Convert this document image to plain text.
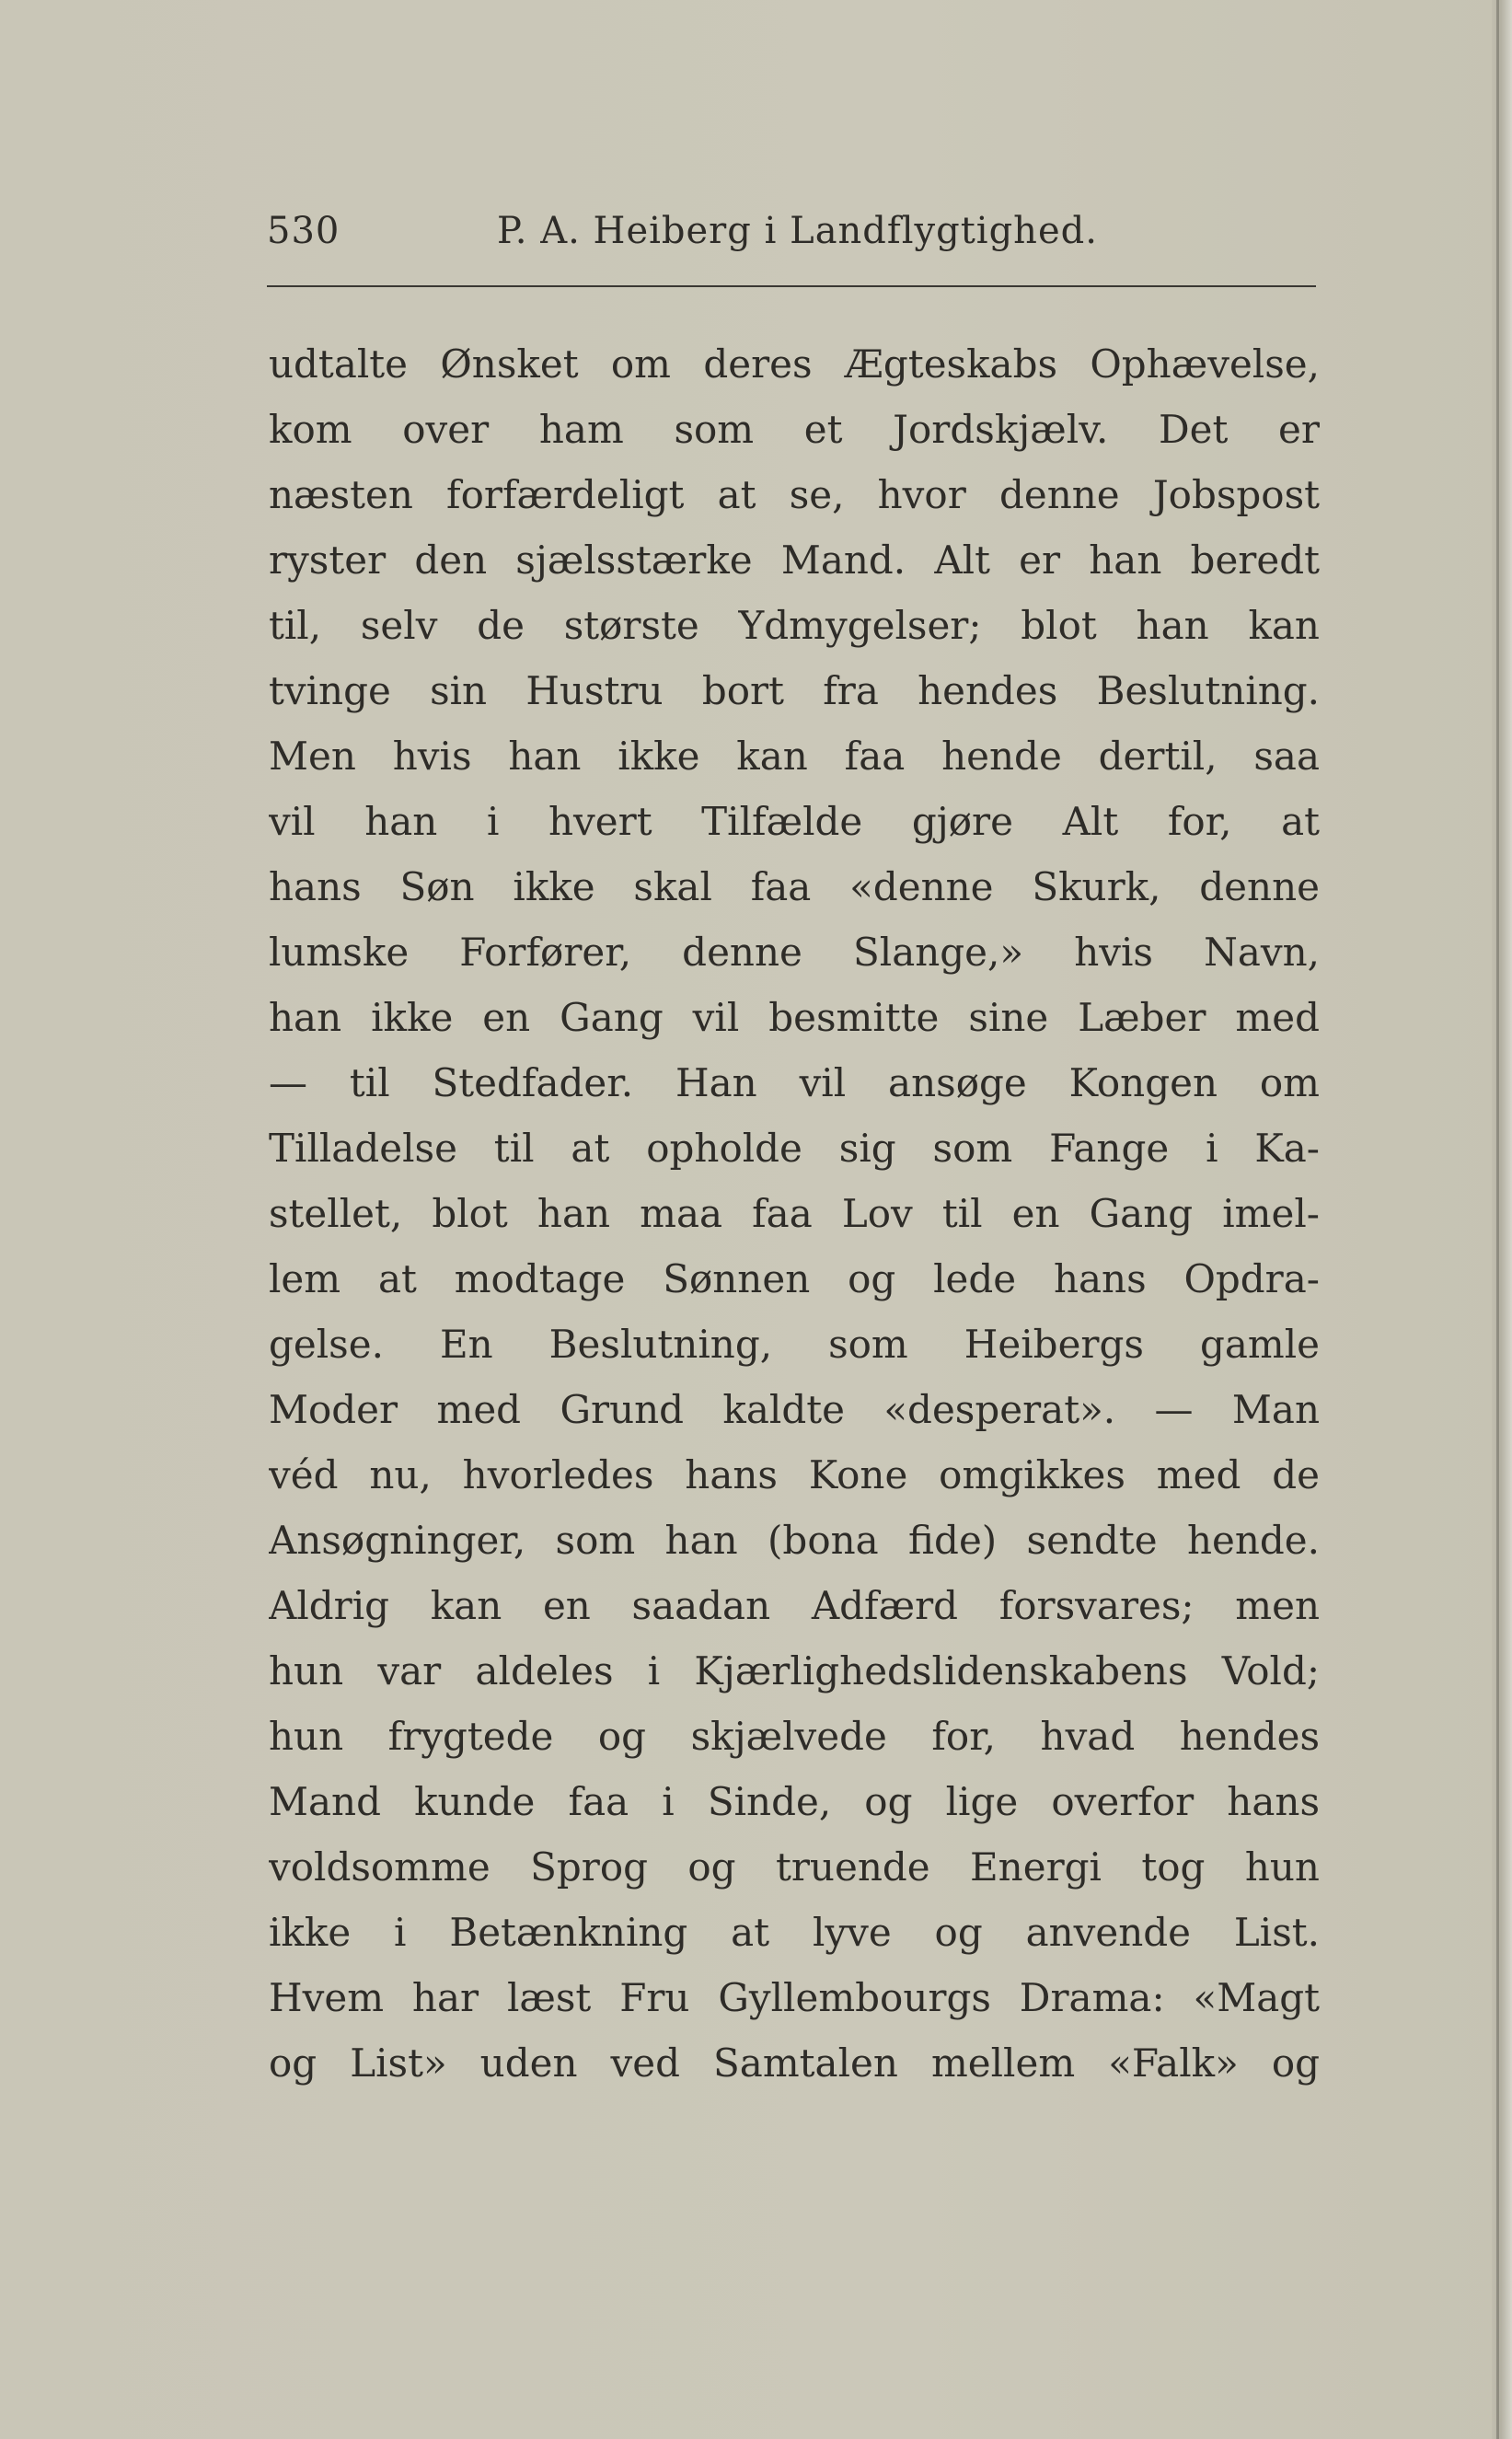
530	P. A. Heiberg i Landflygtighed.
udtalte Ønsket om deres Ægteskabs Ophævelse,
kom over ham som et Jordskjælv. Det er
næsten forfærdeligt at se, hvor denne Jobspost
ryster den sjælsstærke Mand. Alt er han beredt
til, selv de største Ydmygelser; blot han kan
tvinge sin Hustru bort fra hendes Beslutning.
Men hvis han ikke kan faa hende dertil, saa
vil han i hvert Tilfælde gjøre Alt for, at
hans Søn ikke skal faa «denne Skurk, denne
lumske Forfører, denne Slange,» hvis Navn,
han ikke en Gang vil besmitte sine Læber med
— til Stedfader. Han vil ansøge Kongen om
Tilladelse til at opholde sig som Fange i Ka-
stellet, blot han maa faa Lov til en Gang imel-
lem at modtage Sønnen og lede hans Opdra-
gelse. En Beslutning, som Heibergs gamle
Moder med Grund kaldte «desperat». — Man
véd nu, hvorledes hans Kone omgikkes med de
Ansøgninger, som han (bona fide) sendte hende.
Aldrig kan en saadan Adfærd forsvares; men
hun var aldeles i Kjærlighedslidenskabens Vold;
hun frygtede og skjælvede for, hvad hendes
Mand kunde faa i Sinde, og lige overfor hans
voldsomme Sprog og truende Energi tog hun
ikke i Betænkning at lyve og anvende List.
Hvem har læst Fru Gyllembourgs Drama: «Magt
og List» uden ved Samtalen mellem «Falk» og
